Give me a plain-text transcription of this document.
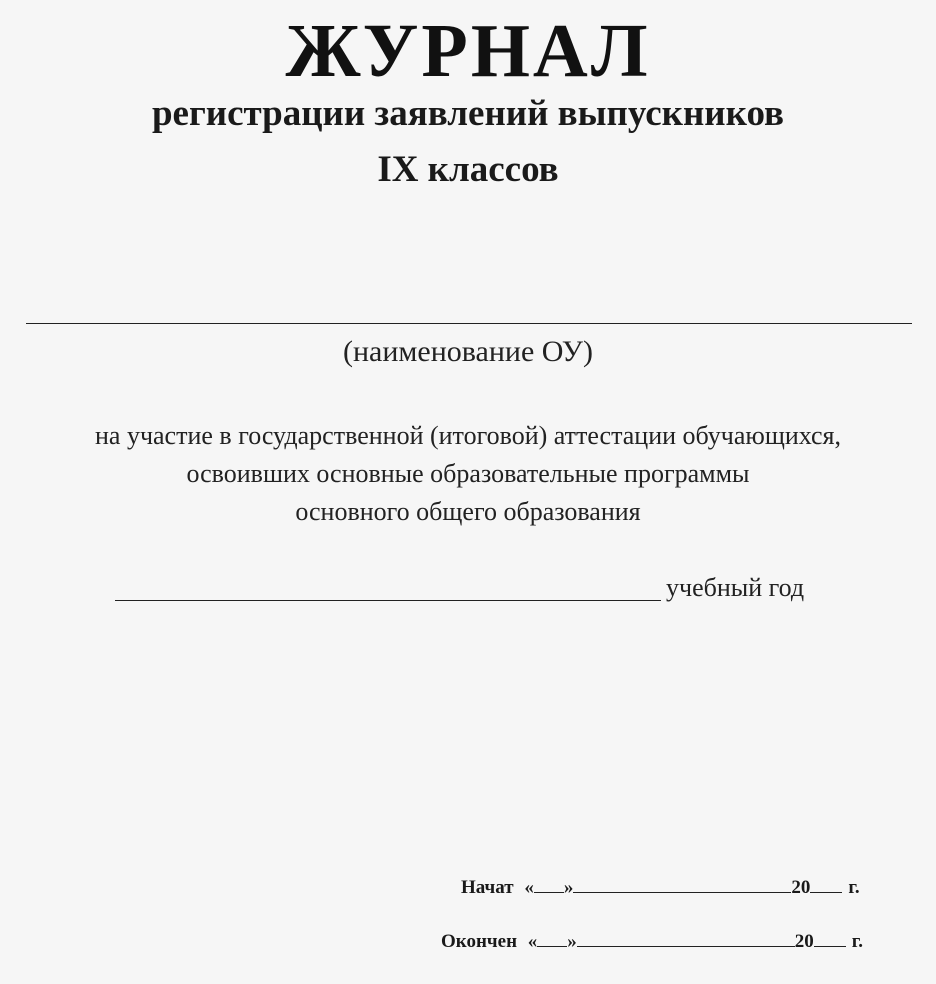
ЖУРНАЛ
регистрации заявлений выпускников
IX классов
(наименование ОУ)
на участие в государственной (итоговой) аттестации обучающихся,
освоивших основные образовательные программы
основного общего образования
учебный год
Начат « »	20 г.
Окончен « »	20 г.
